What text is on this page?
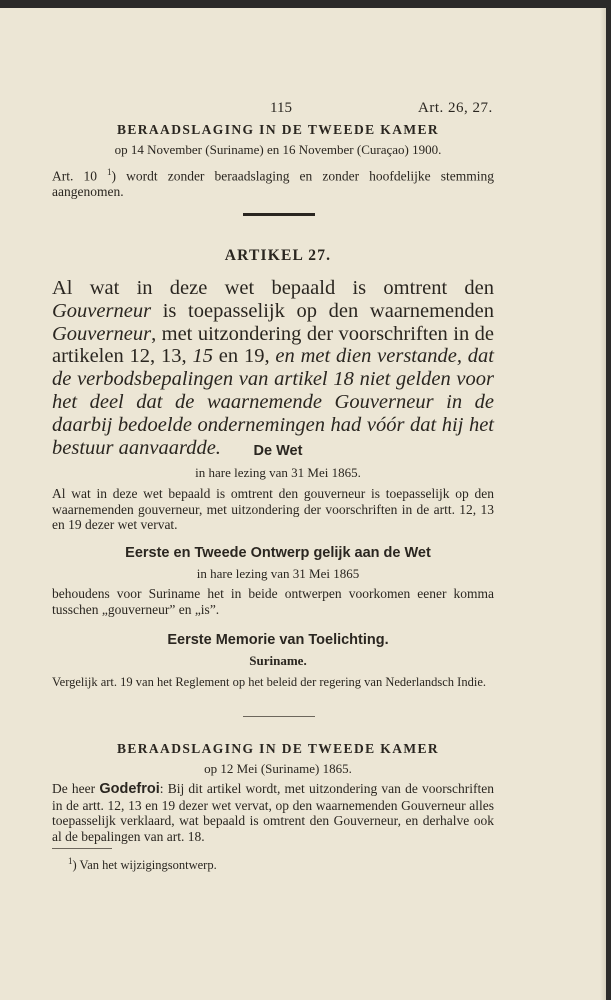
115	Art. 26, 27.
BERAADSLAGING IN DE TWEEDE KAMER
op 14 November (Suriname) en 16 November (Curaçao) 1900.
Art. 10 $^1$) wordt zonder beraadslaging en zonder hoofdelijke stemming aangenomen.
ARTIKEL 27.
Al wat in deze wet bepaald is omtrent den Gouverneur is toepasselijk op den waarnemenden Gouverneur, met uitzondering der voorschriften in de artikelen 12, 13, 15 en 19, en met dien verstande, dat de verbodsbepalingen van artikel 18 niet gelden voor het deel dat de waarnemende Gouverneur in de daarbij bedoelde ondernemingen had vóór dat hij het bestuur aanvaardde.	De Wet
in hare lezing van 31 Mei 1865.
Al wat in deze wet bepaald is omtrent den gouverneur is toepasselijk op den waarnemenden gouverneur, met uitzondering der voorschriften in de artt. 12, 13 en 19 dezer wet vervat.
Eerste en Tweede Ontwerp gelijk aan de Wet
in hare lezing van 31 Mei 1865
behoudens voor Suriname het in beide ontwerpen voorkomen eener komma tusschen „gouverneur” en „is”.
Eerste Memorie van Toelichting.
Suriname.
Vergelijk art. 19 van het Reglement op het beleid der regering van Nederlandsch Indie.
BERAADSLAGING IN DE TWEEDE KAMER
op 12 Mei (Suriname) 1865.
De heer Godefroi: Bij dit artikel wordt, met uitzondering van de voorschriften in de artt. 12, 13 en 19 dezer wet vervat, op den waarnemenden Gouverneur alles toepasselijk verklaard, wat bepaald is omtrent den Gouverneur, en derhalve ook al de bepalingen van art. 18.
$^1$) Van het wijzigingsontwerp.
